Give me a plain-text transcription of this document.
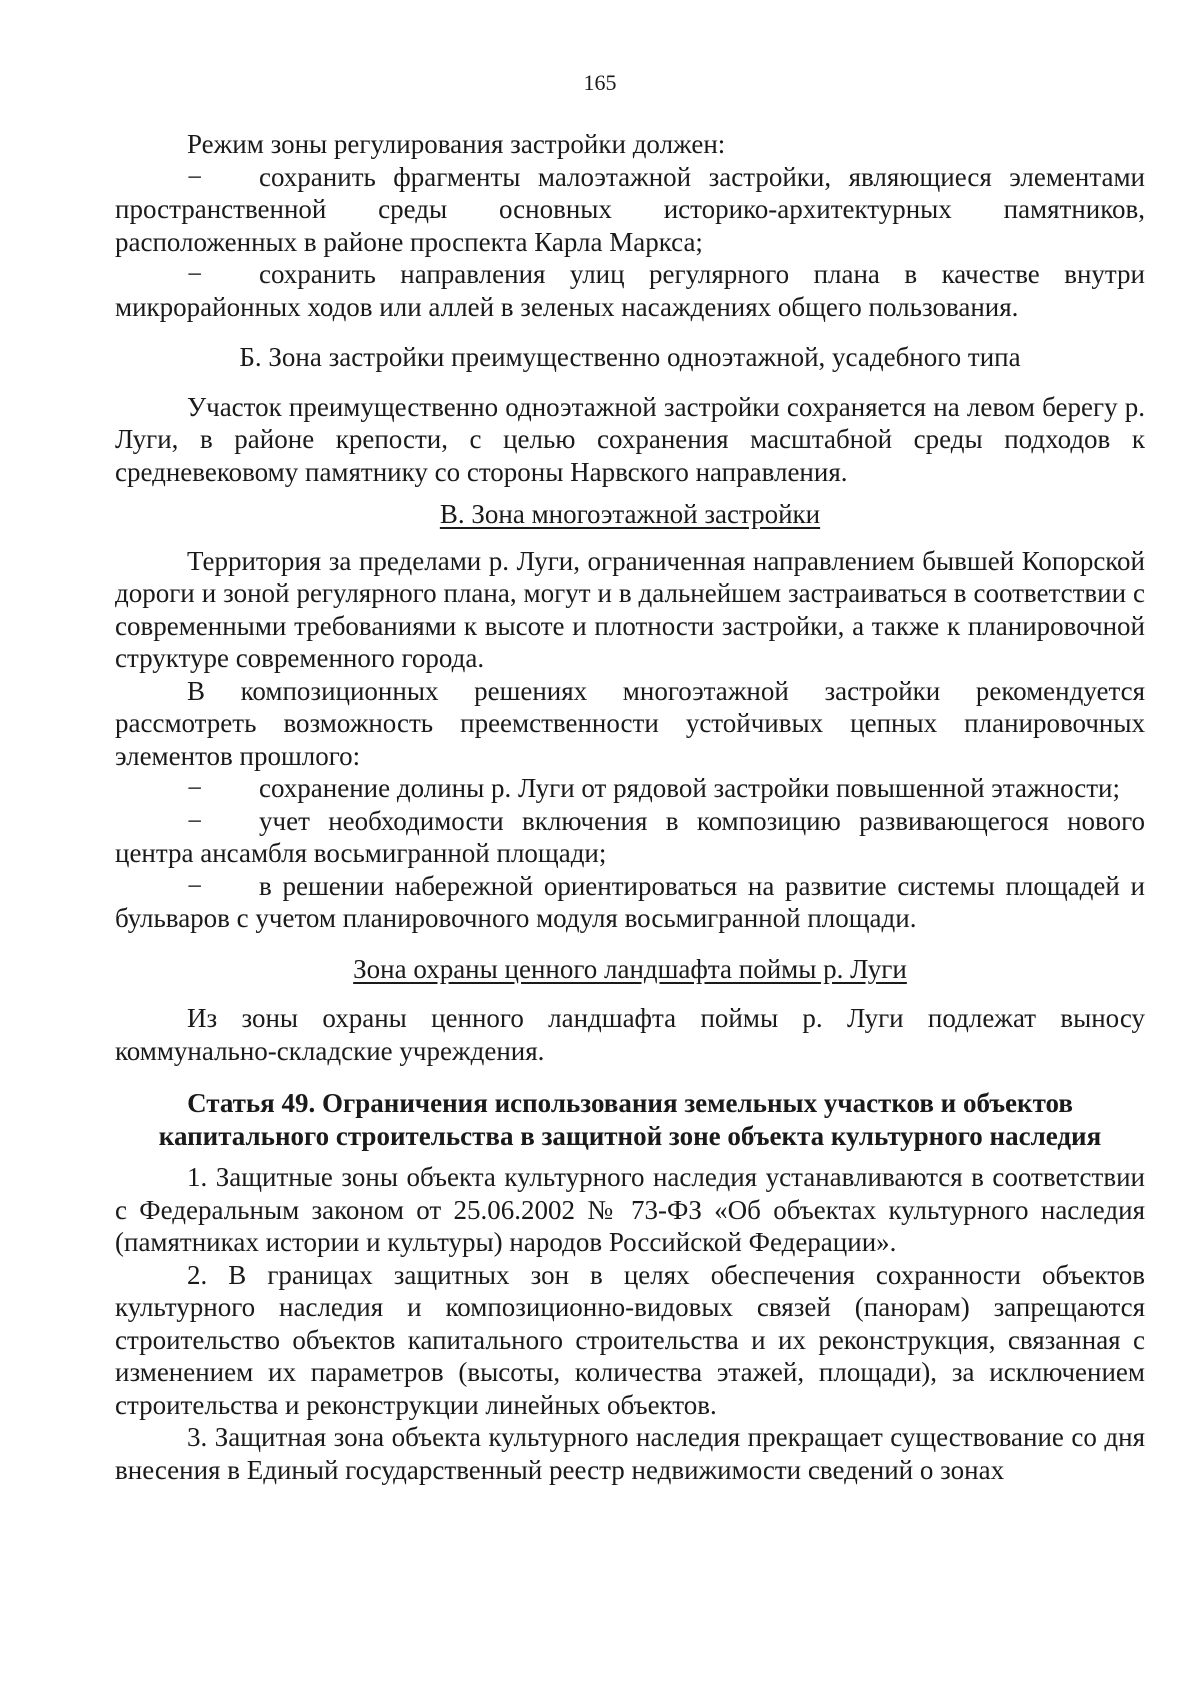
165

Режим зоны регулирования застройки должен:

− сохранить фрагменты малоэтажной застройки, являющиеся элементами пространственной среды основных историко-архитектурных памятников, расположенных в районе проспекта Карла Маркса;

− сохранить направления улиц регулярного плана в качестве внутри микрорайонных ходов или аллей в зеленых насаждениях общего пользования.

Б. Зона застройки преимущественно одноэтажной, усадебного типа

Участок преимущественно одноэтажной застройки сохраняется на левом берегу р. Луги, в районе крепости, с целью сохранения масштабной среды подходов к средневековому памятнику со стороны Нарвского направления.

В. Зона многоэтажной застройки

Территория за пределами р. Луги, ограниченная направлением бывшей Копорской дороги и зоной регулярного плана, могут и в дальнейшем застраиваться в соответствии с современными требованиями к высоте и плотности застройки, а также к планировочной структуре современного города.

В композиционных решениях многоэтажной застройки рекомендуется рассмотреть возможность преемственности устойчивых цепных планировочных элементов прошлого:

− сохранение долины р. Луги от рядовой застройки повышенной этажности;

− учет необходимости включения в композицию развивающегося нового центра ансамбля восьмигранной площади;

− в решении набережной ориентироваться на развитие системы площадей и бульваров с учетом планировочного модуля восьмигранной площади.

Зона охраны ценного ландшафта поймы р. Луги

Из зоны охраны ценного ландшафта поймы р. Луги подлежат выносу коммунально-складские учреждения.

Статья 49. Ограничения использования земельных участков и объектов
капитального строительства в защитной зоне объекта культурного наследия

1. Защитные зоны объекта культурного наследия устанавливаются в соответствии с Федеральным законом от 25.06.2002 № 73-ФЗ «Об объектах культурного наследия (памятниках истории и культуры) народов Российской Федерации».

2. В границах защитных зон в целях обеспечения сохранности объектов культурного наследия и композиционно-видовых связей (панорам) запрещаются строительство объектов капитального строительства и их реконструкция, связанная с изменением их параметров (высоты, количества этажей, площади), за исключением строительства и реконструкции линейных объектов.

3. Защитная зона объекта культурного наследия прекращает существование со дня внесения в Единый государственный реестр недвижимости сведений о зонах
